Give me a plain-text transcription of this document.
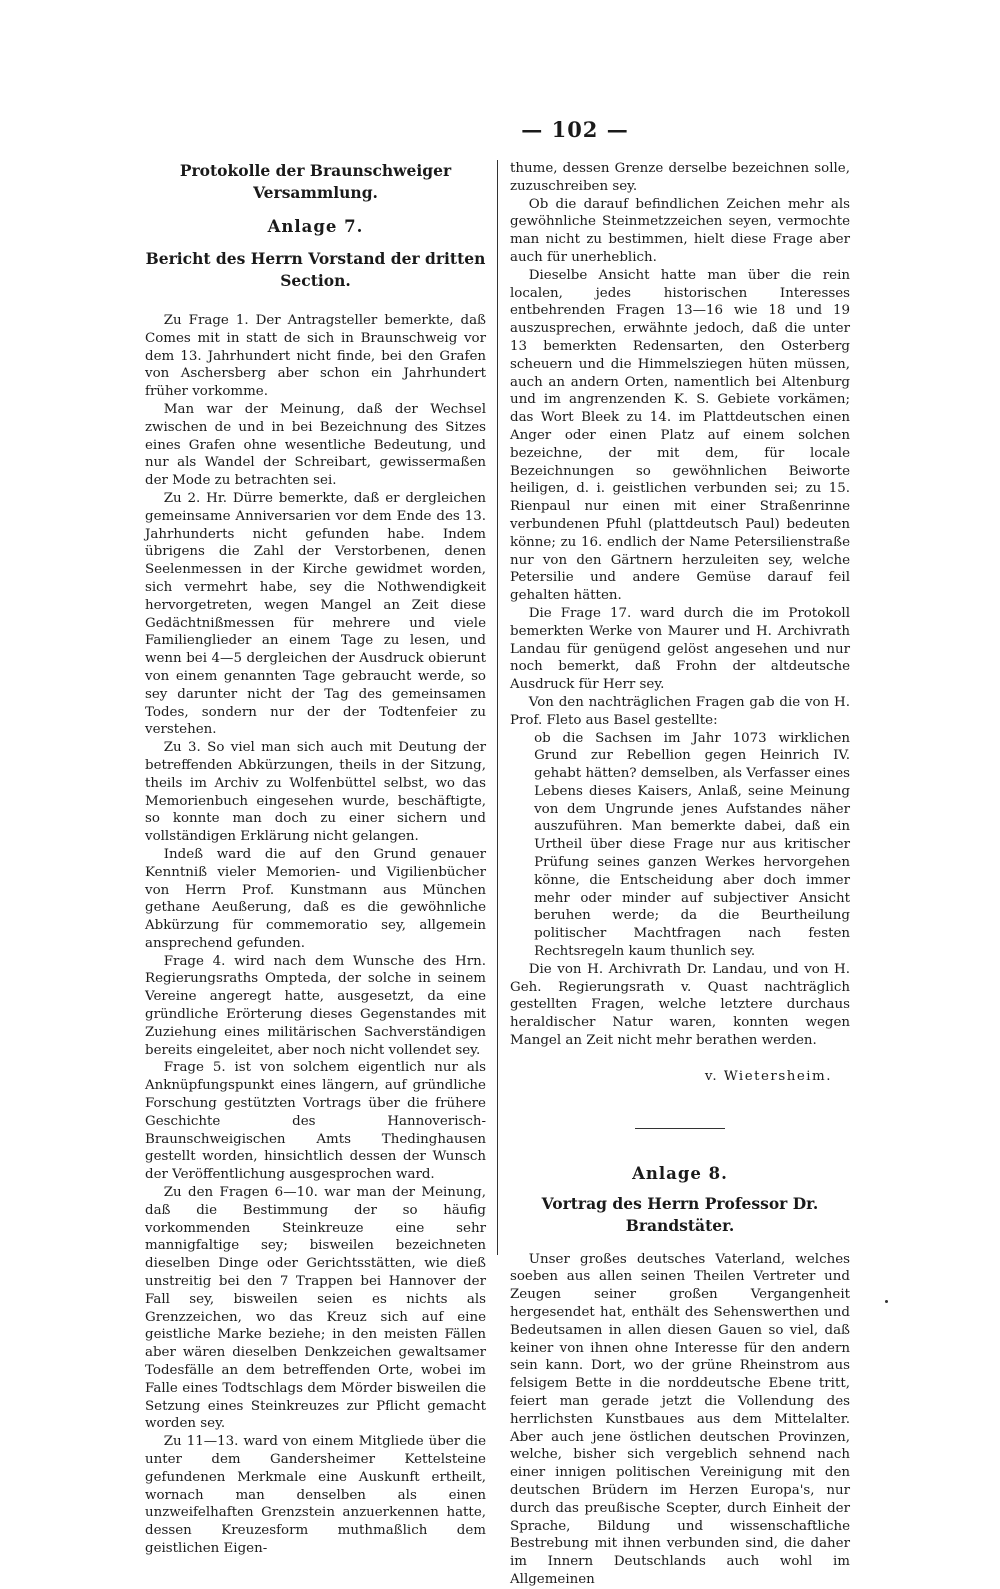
— 102 —
Protokolle der Braunschweiger Versammlung.
Anlage 7.
Bericht des Herrn Vorstand der dritten Section.

Zu Frage 1. Der Antragsteller bemerkte, daß Comes mit in statt de sich in Braunschweig vor dem 13. Jahrhundert nicht finde, bei den Grafen von Aschersberg aber schon ein Jahrhundert früher vorkomme.

Man war der Meinung, daß der Wechsel zwischen de und in bei Bezeichnung des Sitzes eines Grafen ohne wesentliche Bedeutung, und nur als Wandel der Schreibart, gewissermaßen der Mode zu betrachten sei.

Zu 2. Hr. Dürre bemerkte, daß er dergleichen gemeinsame Anniversarien vor dem Ende des 13. Jahrhunderts nicht gefunden habe. Indem übrigens die Zahl der Verstorbenen, denen Seelenmessen in der Kirche gewidmet worden, sich vermehrt habe, sey die Nothwendigkeit hervorgetreten, wegen Mangel an Zeit diese Gedächtnißmessen für mehrere und viele Familienglieder an einem Tage zu lesen, und wenn bei 4—5 dergleichen der Ausdruck obierunt von einem genannten Tage gebraucht werde, so sey darunter nicht der Tag des gemeinsamen Todes, sondern nur der der Todtenfeier zu verstehen.

Zu 3. So viel man sich auch mit Deutung der betreffenden Abkürzungen, theils in der Sitzung, theils im Archiv zu Wolfenbüttel selbst, wo das Memorienbuch eingesehen wurde, beschäftigte, so konnte man doch zu einer sichern und vollständigen Erklärung nicht gelangen.

Indeß ward die auf den Grund genauer Kenntniß vieler Memorien- und Vigilienbücher von Herrn Prof. Kunstmann aus München gethane Aeußerung, daß es die gewöhnliche Abkürzung für commemoratio sey, allgemein ansprechend gefunden.

Frage 4. wird nach dem Wunsche des Hrn. Regierungsraths Ompteda, der solche in seinem Vereine angeregt hatte, ausgesetzt, da eine gründliche Erörterung dieses Gegenstandes mit Zuziehung eines militärischen Sachverständigen bereits eingeleitet, aber noch nicht vollendet sey.

Frage 5. ist von solchem eigentlich nur als Anknüpfungspunkt eines längern, auf gründliche Forschung gestützten Vortrags über die frühere Geschichte des Hannoverisch-Braunschweigischen Amts Thedinghausen gestellt worden, hinsichtlich dessen der Wunsch der Veröffentlichung ausgesprochen ward.

Zu den Fragen 6—10. war man der Meinung, daß die Bestimmung der so häufig vorkommenden Steinkreuze eine sehr mannigfaltige sey; bisweilen bezeichneten dieselben Dinge oder Gerichtsstätten, wie dieß unstreitig bei den 7 Trappen bei Hannover der Fall sey, bisweilen seien es nichts als Grenzzeichen, wo das Kreuz sich auf eine geistliche Marke beziehe; in den meisten Fällen aber wären dieselben Denkzeichen gewaltsamer Todesfälle an dem betreffenden Orte, wobei im Falle eines Todtschlags dem Mörder bisweilen die Setzung eines Steinkreuzes zur Pflicht gemacht worden sey.

Zu 11—13. ward von einem Mitgliede über die unter dem Gandersheimer Kettelsteine gefundenen Merkmale eine Auskunft ertheilt, wornach man denselben als einen unzweifelhaften Grenzstein anzuerkennen hatte, dessen Kreuzesform muthmaßlich dem geistlichen Eigen-

thume, dessen Grenze derselbe bezeichnen solle, zuzuschreiben sey.

Ob die darauf befindlichen Zeichen mehr als gewöhnliche Steinmetzzeichen seyen, vermochte man nicht zu bestimmen, hielt diese Frage aber auch für unerheblich.

Dieselbe Ansicht hatte man über die rein localen, jedes historischen Interesses entbehrenden Fragen 13—16 wie 18 und 19 auszusprechen, erwähnte jedoch, daß die unter 13 bemerkten Redensarten, den Osterberg scheuern und die Himmelsziegen hüten müssen, auch an andern Orten, namentlich bei Altenburg und im angrenzenden K. S. Gebiete vorkämen; das Wort Bleek zu 14. im Plattdeutschen einen Anger oder einen Platz auf einem solchen bezeichne, der mit dem, für locale Bezeichnungen so gewöhnlichen Beiworte heiligen, d. i. geistlichen verbunden sei; zu 15. Rienpaul nur einen mit einer Straßenrinne verbundenen Pfuhl (plattdeutsch Paul) bedeuten könne; zu 16. endlich der Name Petersilienstraße nur von den Gärtnern herzuleiten sey, welche Petersilie und andere Gemüse darauf feil gehalten hätten.

Die Frage 17. ward durch die im Protokoll bemerkten Werke von Maurer und H. Archivrath Landau für genügend gelöst angesehen und nur noch bemerkt, daß Frohn der altdeutsche Ausdruck für Herr sey.

Von den nachträglichen Fragen gab die von H. Prof. Fleto aus Basel gestellte:

ob die Sachsen im Jahr 1073 wirklichen Grund zur Rebellion gegen Heinrich IV. gehabt hätten? demselben, als Verfasser eines Lebens dieses Kaisers, Anlaß, seine Meinung von dem Ungrunde jenes Aufstandes näher auszuführen. Man bemerkte dabei, daß ein Urtheil über diese Frage nur aus kritischer Prüfung seines ganzen Werkes hervorgehen könne, die Entscheidung aber doch immer mehr oder minder auf subjectiver Ansicht beruhen werde; da die Beurtheilung politischer Machtfragen nach festen Rechtsregeln kaum thunlich sey.

Die von H. Archivrath Dr. Landau, und von H. Geh. Regierungsrath v. Quast nachträglich gestellten Fragen, welche letztere durchaus heraldischer Natur waren, konnten wegen Mangel an Zeit nicht mehr berathen werden.

v. Wietersheim.
Anlage 8.
Vortrag des Herrn Professor Dr. Brandstäter.

Unser großes deutsches Vaterland, welches soeben aus allen seinen Theilen Vertreter und Zeugen seiner großen Vergangenheit hergesendet hat, enthält des Sehenswerthen und Bedeutsamen in allen diesen Gauen so viel, daß keiner von ihnen ohne Interesse für den andern sein kann. Dort, wo der grüne Rheinstrom aus felsigem Bette in die norddeutsche Ebene tritt, feiert man gerade jetzt die Vollendung des herrlichsten Kunstbaues aus dem Mittelalter. Aber auch jene östlichen deutschen Provinzen, welche, bisher sich vergeblich sehnend nach einer innigen politischen Vereinigung mit den deutschen Brüdern im Herzen Europa's, nur durch das preußische Scepter, durch Einheit der Sprache, Bildung und wissenschaftliche Bestrebung mit ihnen verbunden sind, die daher im Innern Deutschlands auch wohl im Allgemeinen
